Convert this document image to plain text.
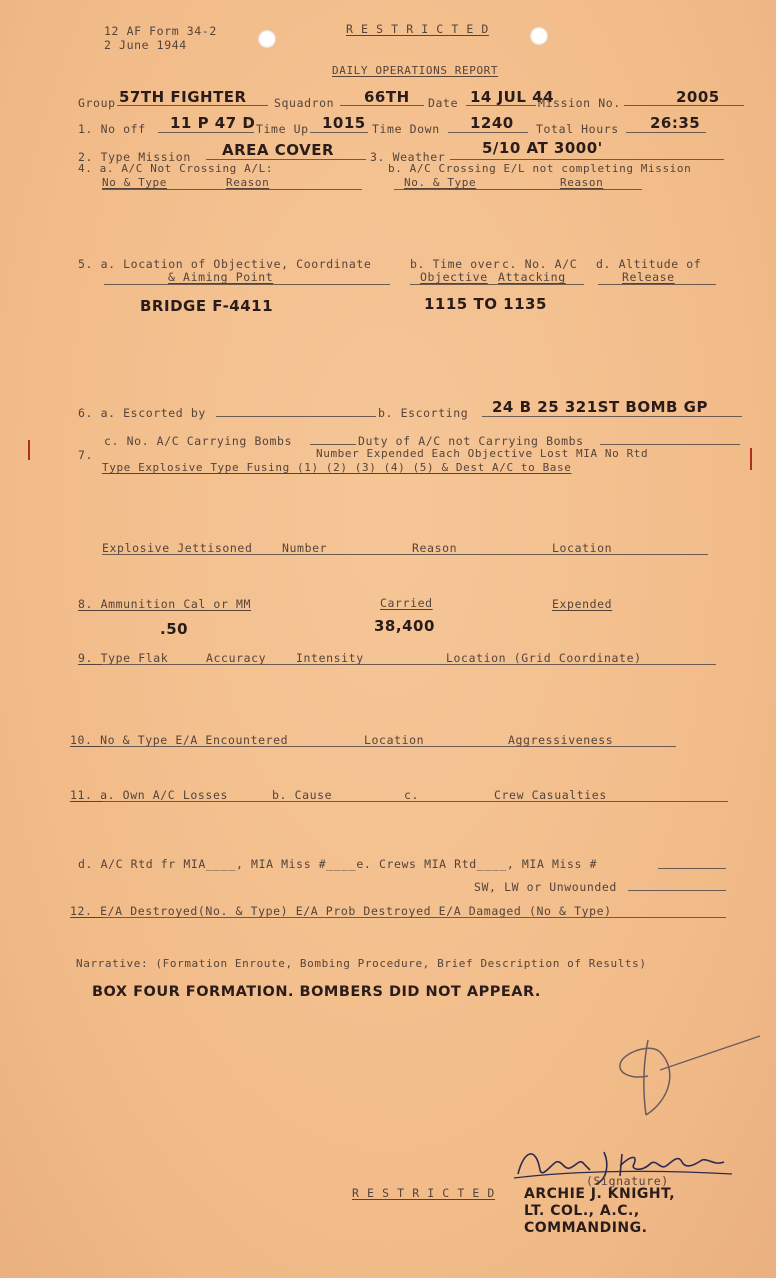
12 AF Form 34-2
2 June 1944
R E S T R I C T E D
DAILY OPERATIONS REPORT
Group 57TH FIGHTER Squadron 66TH Date 14 JUL 44
Mission No.	2005
1. No off 11 P 47 D Time Up 1015 Time Down 1240 Total Hours 26:35
2. Type Mission AREA COVER	3. Weather 5/10 AT 3000'
4. a. A/C Not Crossing A/L:	b. A/C Crossing E/L not completing Mission
No & Type	Reason	No. & Type	Reason
5. a. Location of Objective, Coordinate	b. Time over c. No. A/C d. Altitude of
& Aiming Point	Objective Attacking	Release
BRIDGE F-4411	1115 TO 1135
6. a. Escorted by	b. Escorting 24 B 25 321ST BOMB GP
c. No. A/C Carrying Bombs	Duty of A/C not Carrying Bombs
7.	Number Expended Each Objective Lost MIA No Rtd
Type Explosive Type Fusing (1) (2) (3) (4) (5) & Dest A/C to Base
Explosive Jettisoned	Number	Reason	Location
8. Ammunition Cal or MM	Carried	Expended
.50	38,400
9. Type Flak	Accuracy	Intensity	Location (Grid Coordinate)
10. No & Type E/A Encountered	Location	Aggressiveness
11. a. Own A/C Losses	b. Cause	c.	Crew Casualties
d. A/C Rtd fr MIA____, MIA Miss #____e. Crews MIA Rtd____, MIA Miss #
SW, LW or Unwounded
12. E/A Destroyed(No. & Type) E/A Prob Destroyed E/A Damaged (No & Type)
Narrative: (Formation Enroute, Bombing Procedure, Brief Description of Results)
BOX FOUR FORMATION. BOMBERS DID NOT APPEAR.
(Signature)
R E S T R I C T E D ARCHIE J. KNIGHT,
LT. COL., A.C.,
COMMANDING.
